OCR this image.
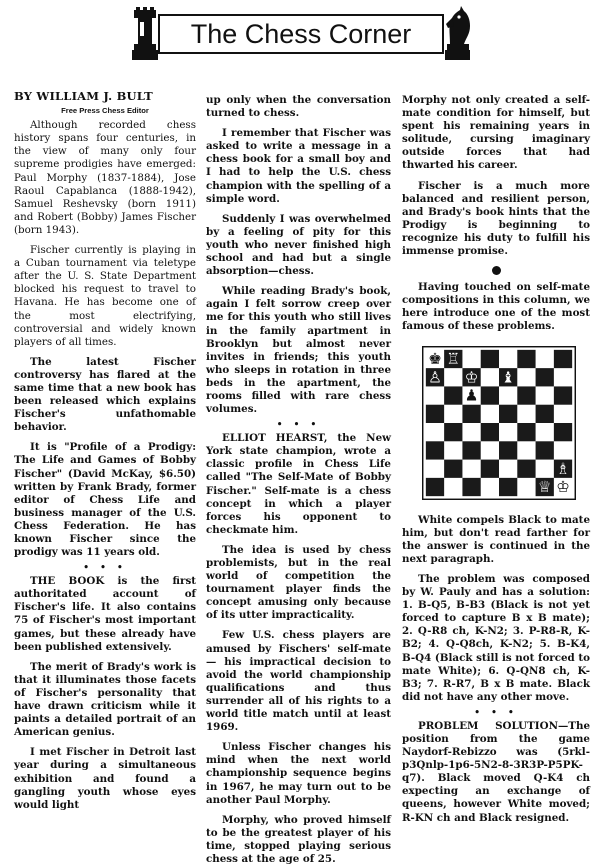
The Chess Corner

BY WILLIAM J. BULT

Free Press Chess Editor

Although recorded chess history spans four centuries, in the view of many only four supreme prodigies have emerged: Paul Morphy (1837-1884), Jose Raoul Capablanca (1888-1942), Samuel Reshevsky (born 1911) and Robert (Bobby) James Fischer (born 1943).

Fischer currently is playing in a Cuban tournament via teletype after the U. S. State Department blocked his request to travel to Havana. He has become one of the most electrifying, controversial and widely known players of all times.

The latest Fischer controversy has flared at the same time that a new book has been released which explains Fischer's unfathomable behavior.

It is "Profile of a Prodigy: The Life and Games of Bobby Fischer" (David McKay, $6.50) written by Frank Brady, former editor of Chess Life and business manager of the U.S. Chess Federation. He has known Fischer since the prodigy was 11 years old.

• • •

THE BOOK is the first authoritated account of Fischer's life. It also contains 75 of Fischer's most important games, but these already have been published extensively.

The merit of Brady's work is that it illuminates those facets of Fischer's personality that have drawn criticism while it paints a detailed portrait of an American genius.

I met Fischer in Detroit last year during a simultaneous exhibition and found a gangling youth whose eyes would light

up only when the conversation turned to chess.

I remember that Fischer was asked to write a message in a chess book for a small boy and I had to help the U.S. chess champion with the spelling of a simple word.

Suddenly I was overwhelmed by a feeling of pity for this youth who never finished high school and had but a single absorption—chess.

While reading Brady's book, again I felt sorrow creep over me for this youth who still lives in the family apartment in Brooklyn but almost never invites in friends; this youth who sleeps in rotation in three beds in the apartment, the rooms filled with rare chess volumes.

• • •

ELLIOT HEARST, the New York state champion, wrote a classic profile in Chess Life called "The Self-Mate of Bobby Fischer." Self-mate is a chess concept in which a player forces his opponent to checkmate him.

The idea is used by chess problemists, but in the real world of competition the tournament player finds the concept amusing only because of its utter impracticality.

Few U.S. chess players are amused by Fischers' self-mate — his impractical decision to avoid the world championship qualifications and thus surrender all of his rights to a world title match until at least 1969.

Unless Fischer changes his mind when the next world championship sequence begins in 1967, he may turn out to be another Paul Morphy.

Morphy, who proved himself to be the greatest player of his time, stopped playing serious chess at the age of 25.

Morphy not only created a self-mate condition for himself, but spent his remaining years in solitude, cursing imaginary outside forces that had thwarted his career.

Fischer is a much more balanced and resilient person, and Brady's book hints that the Prodigy is beginning to recognize his duty to fulfill his immense promise.

Having touched on self-mate compositions in this column, we here introduce one of the most famous of these problems.

♚ ♖
♙ ♔ ♝
♟
♗
♕ ♔

White compels Black to mate him, but don't read farther for the answer is continued in the next paragraph.

The problem was composed by W. Pauly and has a solution: 1. B-Q5, B-B3 (Black is not yet forced to capture B x B mate); 2. Q-R8 ch, K-N2; 3. P-R8-R, K-B2; 4. Q-Q8ch, K-N2; 5. B-K4, B-Q4 (Black still is not forced to mate White); 6. Q-QN8 ch, K-B3; 7. R-R7, B x B mate. Black did not have any other move.

• • •

PROBLEM SOLUTION—The position from the game Naydorf-Rebizzo was (5rkl-p3Qnlp-1p6-5N2-8-3R3P-P5PK-q7). Black moved Q-K4 ch expecting an exchange of queens, however White moved; R-KN ch and Black resigned.
